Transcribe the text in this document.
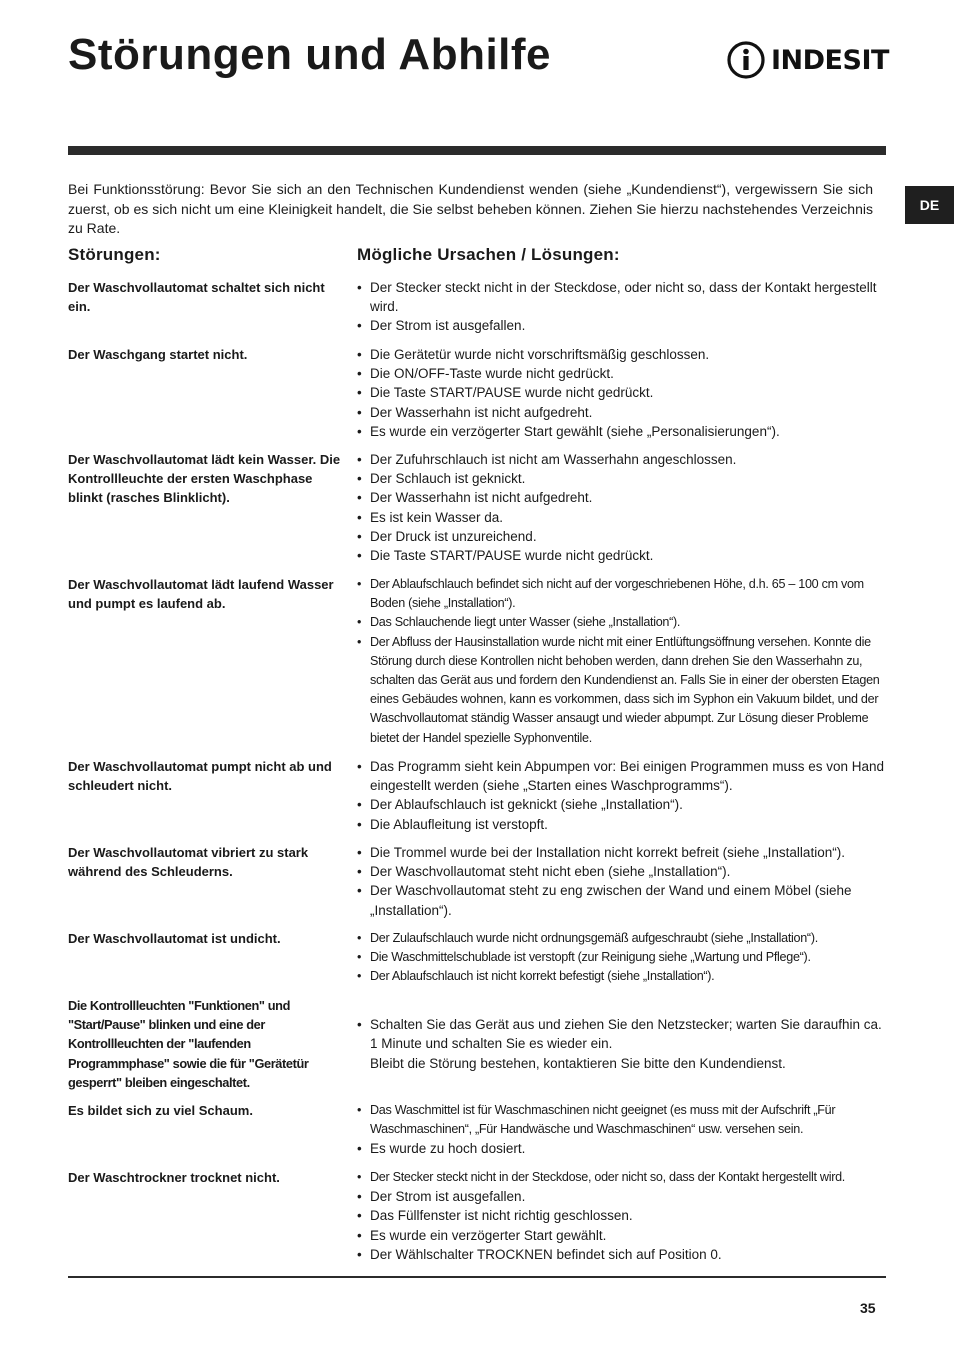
Störungen und Abhilfe	INDESIT
DE

Bei Funktionsstörung: Bevor Sie sich an den Technischen Kundendienst wenden (siehe „Kundendienst“), vergewissern Sie sich zuerst, ob es sich nicht um eine Kleinigkeit handelt, die Sie selbst beheben können. Ziehen Sie hierzu nachstehendes Verzeichnis zu Rate.

Störungen:	Mögliche Ursachen / Lösungen:
Der Waschvollautomat schaltet sich nicht ein.
• Der Stecker steckt nicht in der Steckdose, oder nicht so, dass der Kontakt hergestellt wird.
• Der Strom ist ausgefallen.
Der Waschgang startet nicht.	• Die Gerätetür wurde nicht vorschriftsmäßig geschlossen.
• Die ON/OFF-Taste wurde nicht gedrückt.
• Die Taste START/PAUSE wurde nicht gedrückt.
• Der Wasserhahn ist nicht aufgedreht.
• Es wurde ein verzögerter Start gewählt (siehe „Personalisierungen“).
Der Waschvollautomat lädt kein Wasser. Die Kontrollleuchte der ersten Waschphase blinkt (rasches Blinklicht).
• Der Zufuhrschlauch ist nicht am Wasserhahn angeschlossen.
• Der Schlauch ist geknickt.
• Der Wasserhahn ist nicht aufgedreht.
• Es ist kein Wasser da.
• Der Druck ist unzureichend.
• Die Taste START/PAUSE wurde nicht gedrückt.
Der Waschvollautomat lädt laufend Wasser und pumpt es laufend ab.
• Der Ablaufschlauch befindet sich nicht auf der vorgeschriebenen Höhe, d.h. 65 – 100 cm vom Boden (siehe „Installation“).
• Das Schlauchende liegt unter Wasser (siehe „Installation“).
• Der Abfluss der Hausinstallation wurde nicht mit einer Entlüftungsöffnung versehen. Konnte die Störung durch diese Kontrollen nicht behoben werden, dann drehen Sie den Wasserhahn zu, schalten das Gerät aus und fordern den Kundendienst an. Falls Sie in einer der obersten Etagen eines Gebäudes wohnen, kann es vorkommen, dass sich im Syphon ein Vakuum bildet, und der Waschvollautomat ständig Wasser ansaugt und wieder abpumpt. Zur Lösung dieser Probleme bietet der Handel spezielle Syphonventile.
Der Waschvollautomat pumpt nicht ab und schleudert nicht.
• Das Programm sieht kein Abpumpen vor: Bei einigen Programmen muss es von Hand eingestellt werden (siehe „Starten eines Waschprogramms“).
• Der Ablaufschlauch ist geknickt (siehe „Installation“).
• Die Ablaufleitung ist verstopft.
Der Waschvollautomat vibriert zu stark während des Schleuderns.
• Die Trommel wurde bei der Installation nicht korrekt befreit (siehe „Installation“).
• Der Waschvollautomat steht nicht eben (siehe „Installation“).
• Der Waschvollautomat steht zu eng zwischen der Wand und einem Möbel (siehe „Installation“).
Der Waschvollautomat ist undicht.	• Der Zulaufschlauch wurde nicht ordnungsgemäß aufgeschraubt (siehe „Installation“).
• Die Waschmittelschublade ist verstopft (zur Reinigung siehe „Wartung und Pflege“).
• Der Ablaufschlauch ist nicht korrekt befestigt (siehe „Installation“).
Die Kontrollleuchten "Funktionen" und "Start/Pause" blinken und eine der Kontrollleuchten der "laufenden Programmphase" sowie die für "Gerätetür gesperrt" bleiben eingeschaltet.

• Schalten Sie das Gerät aus und ziehen Sie den Netzstecker; warten Sie daraufhin ca. 1 Minute und schalten Sie es wieder ein.
Bleibt die Störung bestehen, kontaktieren Sie bitte den Kundendienst.

Es bildet sich zu viel Schaum.	• Das Waschmittel ist für Waschmaschinen nicht geeignet (es muss mit der Aufschrift „Für Waschmaschinen“, „Für Handwäsche und Waschmaschinen“ usw. versehen sein.
• Es wurde zu hoch dosiert.
Der Waschtrockner trocknet nicht.	• Der Stecker steckt nicht in der Steckdose, oder nicht so, dass der Kontakt hergestellt wird.
• Der Strom ist ausgefallen.
• Das Füllfenster ist nicht richtig geschlossen.
• Es wurde ein verzögerter Start gewählt.
• Der Wählschalter TROCKNEN befindet sich auf Position 0.
35
